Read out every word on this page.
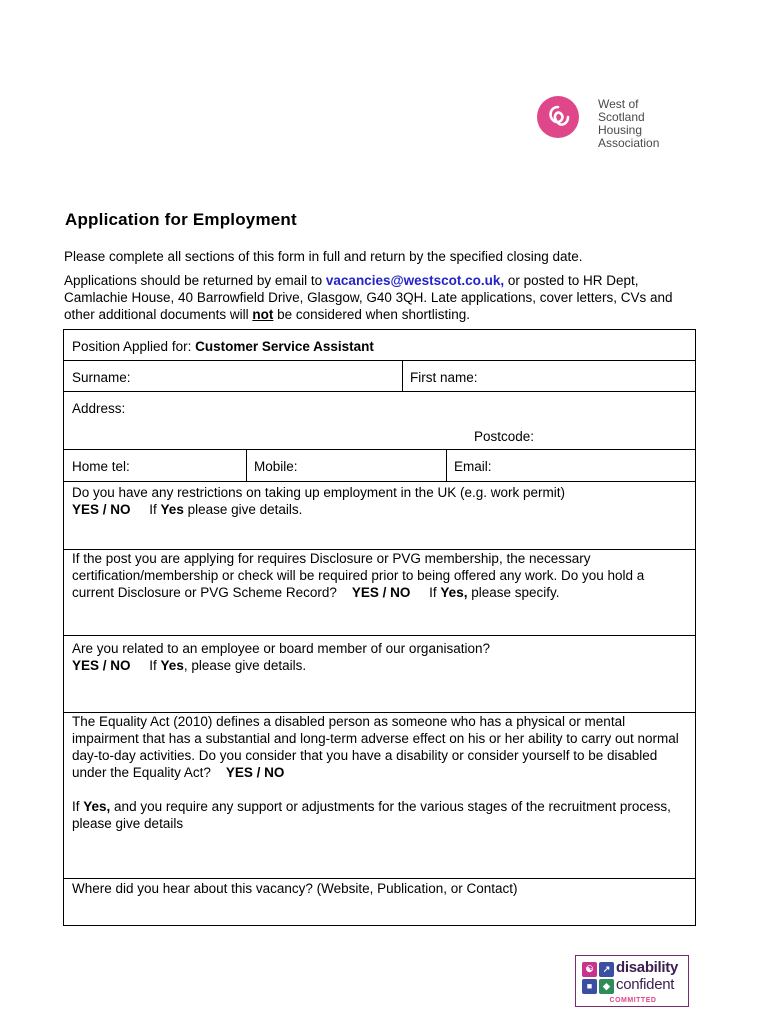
West of
Scotland
Housing
Association
Application for Employment

Please complete all sections of this form in full and return by the specified closing date.

Applications should be returned by email to vacancies@westscot.co.uk, or posted to HR Dept, Camlachie House, 40 Barrowfield Drive, Glasgow, G40 3QH. Late applications, cover letters, CVs and other additional documents will not be considered when shortlisting.

Position Applied for: Customer Service Assistant
Surname:	First name:
Address:
Postcode:
Home tel:	Mobile:	Email:

Do you have any restrictions on taking up employment in the UK (e.g. work permit)

YES / NO If Yes please give details.

If the post you are applying for requires Disclosure or PVG membership, the necessary certification/membership or check will be required prior to being offered any work. Do you hold a current Disclosure or PVG Scheme Record?    YES / NO If Yes, please specify.

Are you related to an employee or board member of our organisation?

YES / NO If Yes, please give details.

The Equality Act (2010) defines a disabled person as someone who has a physical or mental impairment that has a substantial and long-term adverse effect on his or her ability to carry out normal day-to-day activities. Do you consider that you have a disability or consider yourself to be disabled under the Equality Act?    YES / NO

If Yes, and you require any support or adjustments for the various stages of the recruitment process, please give details

Where did you hear about this vacancy? (Website, Publication, or Contact)
☯	↗
■	◆
disability
confident
COMMITTED
